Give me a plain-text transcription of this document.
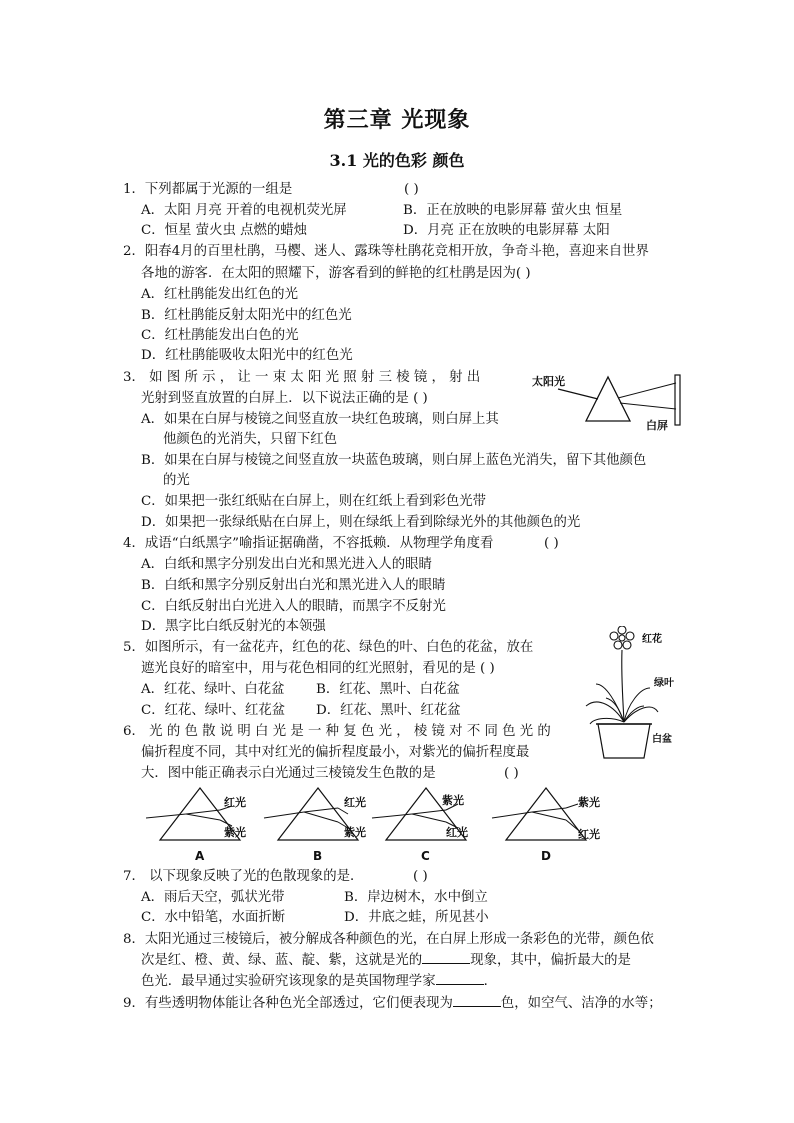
第三章 光现象
3.1 光的色彩 颜色
1．下列都属于光源的一组是	( )
A．太阳 月亮 开着的电视机荧光屏	B．正在放映的电影屏幕 萤火虫 恒星
C．恒星 萤火虫 点燃的蜡烛	D．月亮 正在放映的电影屏幕 太阳
2．阳春4月的百里杜鹃，马樱、迷人、露珠等杜鹃花竞相开放，争奇斗艳，喜迎来自世界
各地的游客．在太阳的照耀下，游客看到的鲜艳的红杜鹃是因为( )
A．红杜鹃能发出红色的光
B．红杜鹃能反射太阳光中的红色光
C．红杜鹃能发出白色的光
D．红杜鹃能吸收太阳光中的红色光
3． 如 图 所 示 ， 让 一 束 太 阳 光 照 射 三 棱 镜 ， 射 出
光射到竖直放置的白屏上．以下说法正确的是 ( )
A．如果在白屏与棱镜之间竖直放一块红色玻璃，则白屏上其
他颜色的光消失，只留下红色
B．如果在白屏与棱镜之间竖直放一块蓝色玻璃，则白屏上蓝色光消失，留下其他颜色
的光
C．如果把一张红纸贴在白屏上，则在红纸上看到彩色光带
D．如果把一张绿纸贴在白屏上，则在绿纸上看到除绿光外的其他颜色的光
太阳光
白屏
4．成语“白纸黑字”喻指证据确凿，不容抵赖．从物理学角度看	( )
A．白纸和黑字分别发出白光和黑光进入人的眼睛
B．白纸和黑字分别反射出白光和黑光进入人的眼睛
C．白纸反射出白光进入人的眼睛，而黑字不反射光
D．黑字比白纸反射光的本领强
5．如图所示，有一盆花卉，红色的花、绿色的叶、白色的花盆，放在
遮光良好的暗室中，用与花色相同的红光照射，看见的是 ( )
A．红花、绿叶、白花盆 B．红花、黑叶、白花盆
C．红花、绿叶、红花盆 D．红花、黑叶、红花盆
红花
绿叶
白盆
6． 光 的 色 散 说 明 白 光 是 一 种 复 色 光 ， 棱 镜 对 不 同 色 光 的
偏折程度不同，其中对红光的偏折程度最小，对紫光的偏折程度最
大．图中能正确表示白光通过三棱镜发生色散的是	( )
红光
紫光
A
红光
紫光
B
紫光
红光
C
紫光
红光
D
7． 以下现象反映了光的色散现象的是．	( )
A．雨后天空，弧状光带	B．岸边树木，水中倒立
C．水中铅笔，水面折断	D．井底之蛙，所见甚小
8．太阳光通过三棱镜后，被分解成各种颜色的光，在白屏上形成一条彩色的光带，颜色依
次是红、橙、黄、绿、蓝、靛、紫，这就是光的	现象，其中，偏折最大的是
色光．最早通过实验研究该现象的是英国物理学家	．
9．有些透明物体能让各种色光全部透过，它们便表现为	色，如空气、洁净的水等；
